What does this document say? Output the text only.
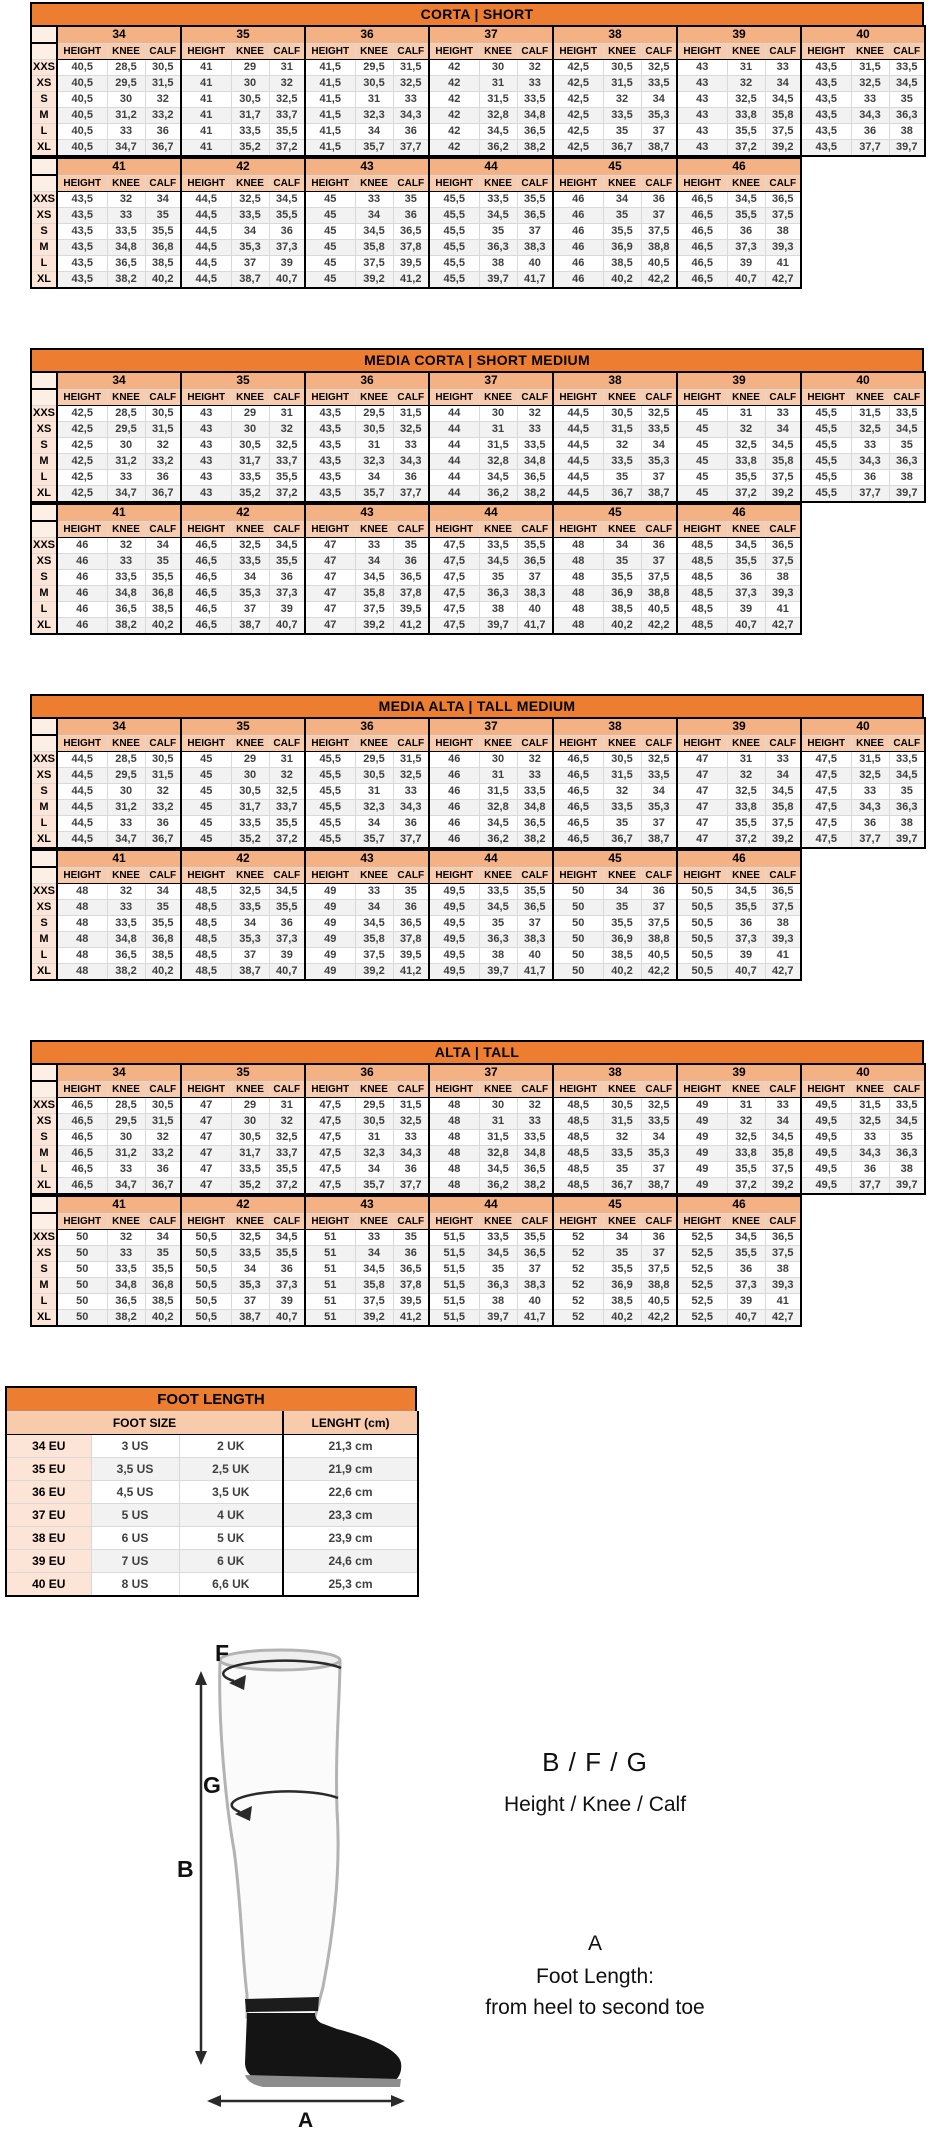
CORTA | SHORT
	34			35			36			37			38			39			40		
	HEIGHT	KNEE	CALF	HEIGHT	KNEE	CALF	HEIGHT	KNEE	CALF	HEIGHT	KNEE	CALF	HEIGHT	KNEE	CALF	HEIGHT	KNEE	CALF	HEIGHT	KNEE	CALF
XXS	40,5	28,5	30,5	41	29	31	41,5	29,5	31,5	42	30	32	42,5	30,5	32,5	43	31	33	43,5	31,5	33,5
XS	40,5	29,5	31,5	41	30	32	41,5	30,5	32,5	42	31	33	42,5	31,5	33,5	43	32	34	43,5	32,5	34,5
S	40,5	30	32	41	30,5	32,5	41,5	31	33	42	31,5	33,5	42,5	32	34	43	32,5	34,5	43,5	33	35
M	40,5	31,2	33,2	41	31,7	33,7	41,5	32,3	34,3	42	32,8	34,8	42,5	33,5	35,3	43	33,8	35,8	43,5	34,3	36,3
L	40,5	33	36	41	33,5	35,5	41,5	34	36	42	34,5	36,5	42,5	35	37	43	35,5	37,5	43,5	36	38
XL	40,5	34,7	36,7	41	35,2	37,2	41,5	35,7	37,7	42	36,2	38,2	42,5	36,7	38,7	43	37,2	39,2	43,5	37,7	39,7
	41			42			43			44			45			46		
	HEIGHT	KNEE	CALF	HEIGHT	KNEE	CALF	HEIGHT	KNEE	CALF	HEIGHT	KNEE	CALF	HEIGHT	KNEE	CALF	HEIGHT	KNEE	CALF
XXS	43,5	32	34	44,5	32,5	34,5	45	33	35	45,5	33,5	35,5	46	34	36	46,5	34,5	36,5
XS	43,5	33	35	44,5	33,5	35,5	45	34	36	45,5	34,5	36,5	46	35	37	46,5	35,5	37,5
S	43,5	33,5	35,5	44,5	34	36	45	34,5	36,5	45,5	35	37	46	35,5	37,5	46,5	36	38
M	43,5	34,8	36,8	44,5	35,3	37,3	45	35,8	37,8	45,5	36,3	38,3	46	36,9	38,8	46,5	37,3	39,3
L	43,5	36,5	38,5	44,5	37	39	45	37,5	39,5	45,5	38	40	46	38,5	40,5	46,5	39	41
XL	43,5	38,2	40,2	44,5	38,7	40,7	45	39,2	41,2	45,5	39,7	41,7	46	40,2	42,2	46,5	40,7	42,7
MEDIA CORTA | SHORT MEDIUM
	34			35			36			37			38			39			40		
	HEIGHT	KNEE	CALF	HEIGHT	KNEE	CALF	HEIGHT	KNEE	CALF	HEIGHT	KNEE	CALF	HEIGHT	KNEE	CALF	HEIGHT	KNEE	CALF	HEIGHT	KNEE	CALF
XXS	42,5	28,5	30,5	43	29	31	43,5	29,5	31,5	44	30	32	44,5	30,5	32,5	45	31	33	45,5	31,5	33,5
XS	42,5	29,5	31,5	43	30	32	43,5	30,5	32,5	44	31	33	44,5	31,5	33,5	45	32	34	45,5	32,5	34,5
S	42,5	30	32	43	30,5	32,5	43,5	31	33	44	31,5	33,5	44,5	32	34	45	32,5	34,5	45,5	33	35
M	42,5	31,2	33,2	43	31,7	33,7	43,5	32,3	34,3	44	32,8	34,8	44,5	33,5	35,3	45	33,8	35,8	45,5	34,3	36,3
L	42,5	33	36	43	33,5	35,5	43,5	34	36	44	34,5	36,5	44,5	35	37	45	35,5	37,5	45,5	36	38
XL	42,5	34,7	36,7	43	35,2	37,2	43,5	35,7	37,7	44	36,2	38,2	44,5	36,7	38,7	45	37,2	39,2	45,5	37,7	39,7
	41			42			43			44			45			46		
	HEIGHT	KNEE	CALF	HEIGHT	KNEE	CALF	HEIGHT	KNEE	CALF	HEIGHT	KNEE	CALF	HEIGHT	KNEE	CALF	HEIGHT	KNEE	CALF
XXS	46	32	34	46,5	32,5	34,5	47	33	35	47,5	33,5	35,5	48	34	36	48,5	34,5	36,5
XS	46	33	35	46,5	33,5	35,5	47	34	36	47,5	34,5	36,5	48	35	37	48,5	35,5	37,5
S	46	33,5	35,5	46,5	34	36	47	34,5	36,5	47,5	35	37	48	35,5	37,5	48,5	36	38
M	46	34,8	36,8	46,5	35,3	37,3	47	35,8	37,8	47,5	36,3	38,3	48	36,9	38,8	48,5	37,3	39,3
L	46	36,5	38,5	46,5	37	39	47	37,5	39,5	47,5	38	40	48	38,5	40,5	48,5	39	41
XL	46	38,2	40,2	46,5	38,7	40,7	47	39,2	41,2	47,5	39,7	41,7	48	40,2	42,2	48,5	40,7	42,7
MEDIA ALTA | TALL MEDIUM
	34			35			36			37			38			39			40		
	HEIGHT	KNEE	CALF	HEIGHT	KNEE	CALF	HEIGHT	KNEE	CALF	HEIGHT	KNEE	CALF	HEIGHT	KNEE	CALF	HEIGHT	KNEE	CALF	HEIGHT	KNEE	CALF
XXS	44,5	28,5	30,5	45	29	31	45,5	29,5	31,5	46	30	32	46,5	30,5	32,5	47	31	33	47,5	31,5	33,5
XS	44,5	29,5	31,5	45	30	32	45,5	30,5	32,5	46	31	33	46,5	31,5	33,5	47	32	34	47,5	32,5	34,5
S	44,5	30	32	45	30,5	32,5	45,5	31	33	46	31,5	33,5	46,5	32	34	47	32,5	34,5	47,5	33	35
M	44,5	31,2	33,2	45	31,7	33,7	45,5	32,3	34,3	46	32,8	34,8	46,5	33,5	35,3	47	33,8	35,8	47,5	34,3	36,3
L	44,5	33	36	45	33,5	35,5	45,5	34	36	46	34,5	36,5	46,5	35	37	47	35,5	37,5	47,5	36	38
XL	44,5	34,7	36,7	45	35,2	37,2	45,5	35,7	37,7	46	36,2	38,2	46,5	36,7	38,7	47	37,2	39,2	47,5	37,7	39,7
	41			42			43			44			45			46		
	HEIGHT	KNEE	CALF	HEIGHT	KNEE	CALF	HEIGHT	KNEE	CALF	HEIGHT	KNEE	CALF	HEIGHT	KNEE	CALF	HEIGHT	KNEE	CALF
XXS	48	32	34	48,5	32,5	34,5	49	33	35	49,5	33,5	35,5	50	34	36	50,5	34,5	36,5
XS	48	33	35	48,5	33,5	35,5	49	34	36	49,5	34,5	36,5	50	35	37	50,5	35,5	37,5
S	48	33,5	35,5	48,5	34	36	49	34,5	36,5	49,5	35	37	50	35,5	37,5	50,5	36	38
M	48	34,8	36,8	48,5	35,3	37,3	49	35,8	37,8	49,5	36,3	38,3	50	36,9	38,8	50,5	37,3	39,3
L	48	36,5	38,5	48,5	37	39	49	37,5	39,5	49,5	38	40	50	38,5	40,5	50,5	39	41
XL	48	38,2	40,2	48,5	38,7	40,7	49	39,2	41,2	49,5	39,7	41,7	50	40,2	42,2	50,5	40,7	42,7
ALTA | TALL
	34			35			36			37			38			39			40		
	HEIGHT	KNEE	CALF	HEIGHT	KNEE	CALF	HEIGHT	KNEE	CALF	HEIGHT	KNEE	CALF	HEIGHT	KNEE	CALF	HEIGHT	KNEE	CALF	HEIGHT	KNEE	CALF
XXS	46,5	28,5	30,5	47	29	31	47,5	29,5	31,5	48	30	32	48,5	30,5	32,5	49	31	33	49,5	31,5	33,5
XS	46,5	29,5	31,5	47	30	32	47,5	30,5	32,5	48	31	33	48,5	31,5	33,5	49	32	34	49,5	32,5	34,5
S	46,5	30	32	47	30,5	32,5	47,5	31	33	48	31,5	33,5	48,5	32	34	49	32,5	34,5	49,5	33	35
M	46,5	31,2	33,2	47	31,7	33,7	47,5	32,3	34,3	48	32,8	34,8	48,5	33,5	35,3	49	33,8	35,8	49,5	34,3	36,3
L	46,5	33	36	47	33,5	35,5	47,5	34	36	48	34,5	36,5	48,5	35	37	49	35,5	37,5	49,5	36	38
XL	46,5	34,7	36,7	47	35,2	37,2	47,5	35,7	37,7	48	36,2	38,2	48,5	36,7	38,7	49	37,2	39,2	49,5	37,7	39,7
	41			42			43			44			45			46		
	HEIGHT	KNEE	CALF	HEIGHT	KNEE	CALF	HEIGHT	KNEE	CALF	HEIGHT	KNEE	CALF	HEIGHT	KNEE	CALF	HEIGHT	KNEE	CALF
XXS	50	32	34	50,5	32,5	34,5	51	33	35	51,5	33,5	35,5	52	34	36	52,5	34,5	36,5
XS	50	33	35	50,5	33,5	35,5	51	34	36	51,5	34,5	36,5	52	35	37	52,5	35,5	37,5
S	50	33,5	35,5	50,5	34	36	51	34,5	36,5	51,5	35	37	52	35,5	37,5	52,5	36	38
M	50	34,8	36,8	50,5	35,3	37,3	51	35,8	37,8	51,5	36,3	38,3	52	36,9	38,8	52,5	37,3	39,3
L	50	36,5	38,5	50,5	37	39	51	37,5	39,5	51,5	38	40	52	38,5	40,5	52,5	39	41
XL	50	38,2	40,2	50,5	38,7	40,7	51	39,2	41,2	51,5	39,7	41,7	52	40,2	42,2	52,5	40,7	42,7
FOOT LENGTH
FOOT SIZE			LENGHT (cm)
34 EU	3 US	2 UK	21,3 cm
35 EU	3,5 US	2,5 UK	21,9 cm
36 EU	4,5 US	3,5 UK	22,6 cm
37 EU	5 US	4 UK	23,3 cm
38 EU	6 US	5 UK	23,9 cm
39 EU	7 US	6 UK	24,6 cm
40 EU	8 US	6,6 UK	25,3 cm
F
G
B
A
B / F / G
Height / Knee / Calf
A
Foot Length:
from heel to second toe
